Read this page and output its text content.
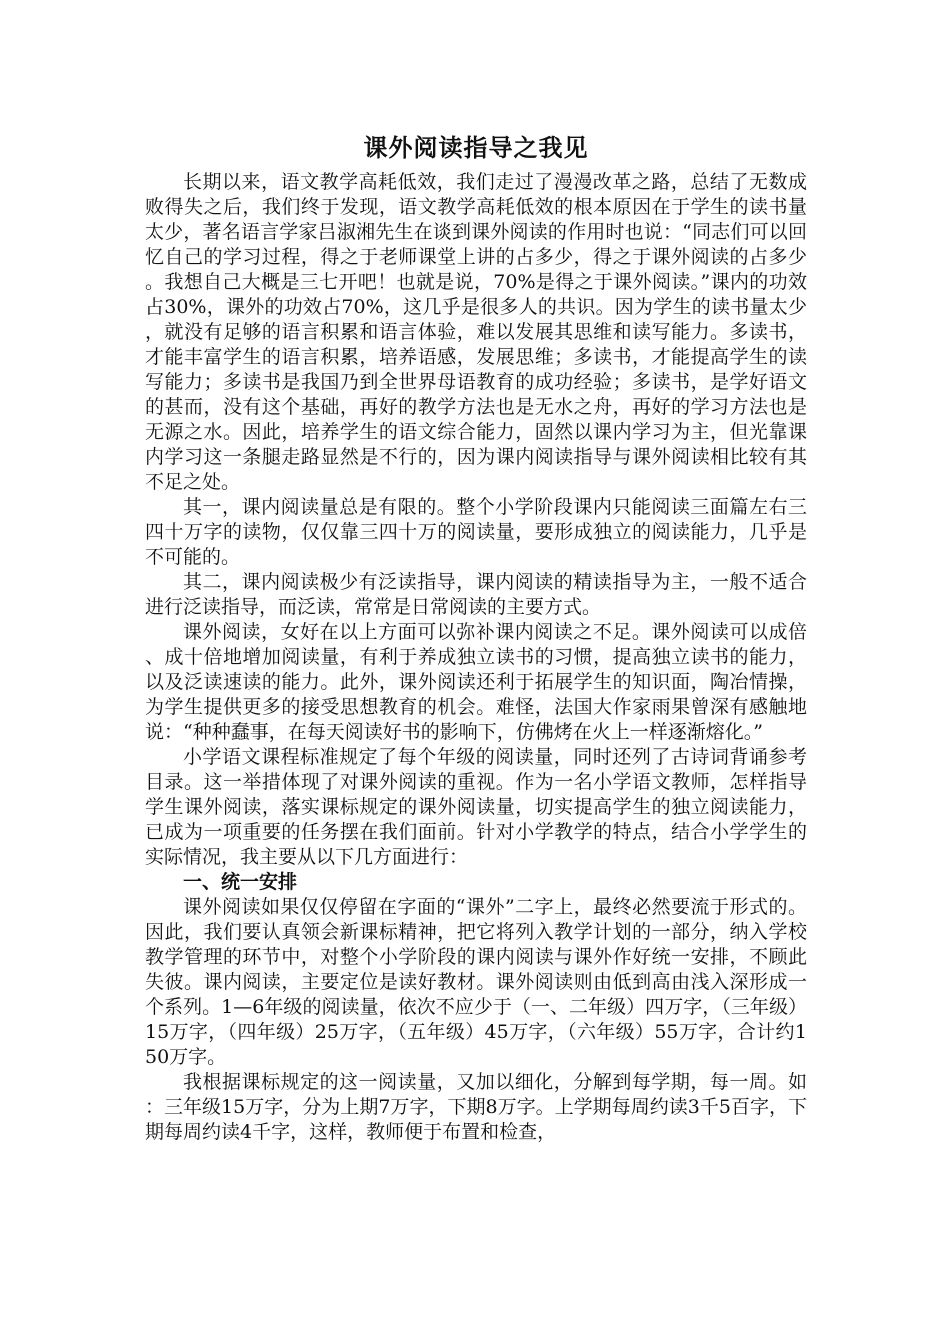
课外阅读指导之我见

长期以来，语文教学高耗低效，我们走过了漫漫改革之路，总结了无数成败得失之后，我们终于发现，语文教学高耗低效的根本原因在于学生的读书量太少，著名语言学家吕淑湘先生在谈到课外阅读的作用时也说：“同志们可以回忆自己的学习过程，得之于老师课堂上讲的占多少，得之于课外阅读的占多少。我想自己大概是三七开吧！也就是说，70%是得之于课外阅读。”课内的功效占30%，课外的功效占70%，这几乎是很多人的共识。因为学生的读书量太少，就没有足够的语言积累和语言体验，难以发展其思维和读写能力。多读书，才能丰富学生的语言积累，培养语感，发展思维；多读书，才能提高学生的读写能力；多读书是我国乃到全世界母语教育的成功经验；多读书，是学好语文的甚而，没有这个基础，再好的教学方法也是无水之舟，再好的学习方法也是无源之水。因此，培养学生的语文综合能力，固然以课内学习为主，但光靠课内学习这一条腿走路显然是不行的，因为课内阅读指导与课外阅读相比较有其不足之处。

其一，课内阅读量总是有限的。整个小学阶段课内只能阅读三面篇左右三四十万字的读物，仅仅靠三四十万的阅读量，要形成独立的阅读能力，几乎是不可能的。

其二，课内阅读极少有泛读指导，课内阅读的精读指导为主，一般不适合进行泛读指导，而泛读，常常是日常阅读的主要方式。

课外阅读，女好在以上方面可以弥补课内阅读之不足。课外阅读可以成倍、成十倍地增加阅读量，有利于养成独立读书的习惯，提高独立读书的能力，以及泛读速读的能力。此外，课外阅读还利于拓展学生的知识面，陶冶情操，为学生提供更多的接受思想教育的机会。难怪，法国大作家雨果曾深有感触地说：“种种蠢事，在每天阅读好书的影响下，仿佛烤在火上一样逐渐熔化。”

小学语文课程标准规定了每个年级的阅读量，同时还列了古诗词背诵参考目录。这一举措体现了对课外阅读的重视。作为一名小学语文教师，怎样指导学生课外阅读，落实课标规定的课外阅读量，切实提高学生的独立阅读能力，已成为一项重要的任务摆在我们面前。针对小学教学的特点，结合小学学生的实际情况，我主要从以下几方面进行：

一、统一安排

课外阅读如果仅仅停留在字面的“课外”二字上，最终必然要流于形式的。因此，我们要认真领会新课标精神，把它将列入教学计划的一部分，纳入学校教学管理的环节中，对整个小学阶段的课内阅读与课外作好统一安排，不顾此失彼。课内阅读，主要定位是读好教材。课外阅读则由低到高由浅入深形成一个系列。1—6年级的阅读量，依次不应少于（一、二年级）四万字，（三年级）15万字，（四年级）25万字，（五年级）45万字，（六年级）55万字，合计约150万字。

我根据课标规定的这一阅读量，又加以细化，分解到每学期，每一周。如：三年级15万字，分为上期7万字，下期8万字。上学期每周约读3千5百字，下期每周约读4千字，这样，教师便于布置和检查，
